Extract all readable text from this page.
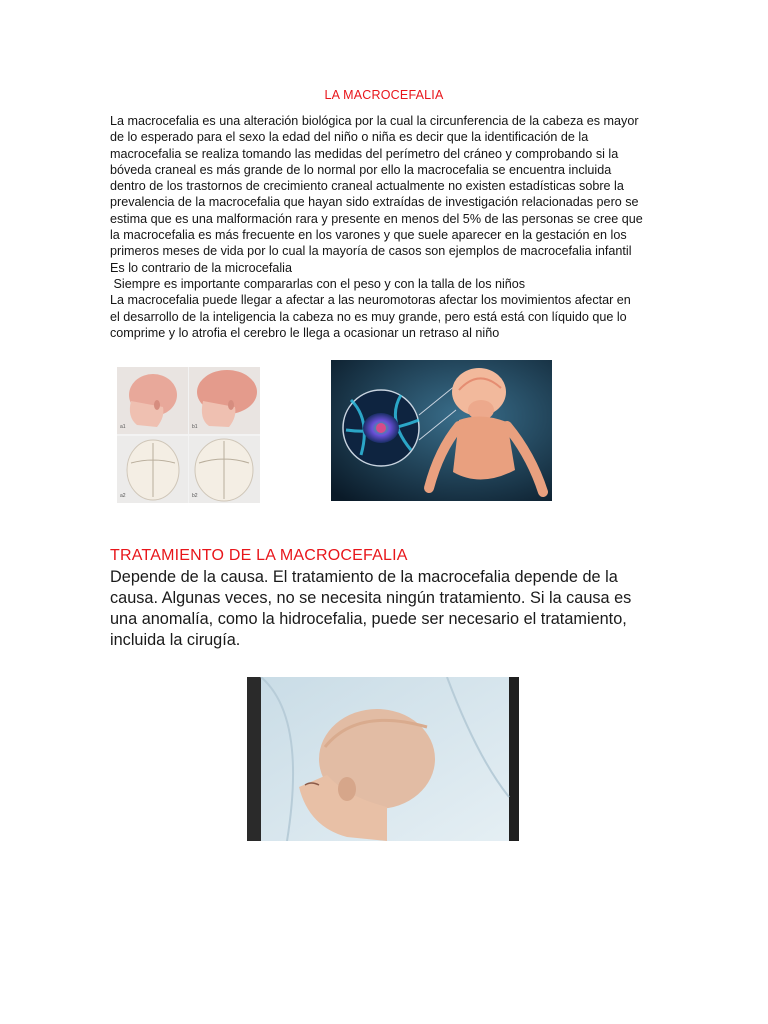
LA MACROCEFALIA

La macrocefalia es una alteración biológica por la cual la circunferencia de la cabeza es mayor

de lo esperado para el sexo la edad del niño o niña es decir que la identificación de la

macrocefalia se realiza tomando las medidas del perímetro del cráneo y comprobando si la

bóveda craneal es más grande de lo normal por ello la macrocefalia se encuentra incluida

dentro de los trastornos de crecimiento craneal actualmente no existen estadísticas sobre la

prevalencia de la macrocefalia que hayan sido extraídas de investigación relacionadas pero se

estima que es una malformación rara y presente en menos del 5% de las personas se cree que

la macrocefalia es más frecuente en los varones y que suele aparecer en la gestación en los

primeros meses de vida por lo cual la mayoría de casos son ejemplos de macrocefalia infantil

Es lo contrario de la microcefalia

Siempre es importante compararlas con el peso y con la talla de los niños

La macrocefalia puede llegar a afectar a las neuromotoras afectar los movimientos afectar en

el desarrollo de la inteligencia la cabeza no es muy grande, pero está está con líquido que lo

comprime y lo atrofia el cerebro le llega a ocasionar un retraso al niño

a1	b1
a2	b2
TRATAMIENTO DE LA MACROCEFALIA
Depende de la causa. El tratamiento de la macrocefalia depende de la
causa. Algunas veces, no se necesita ningún tratamiento. Si la causa es
una anomalía, como la hidrocefalia, puede ser necesario el tratamiento,
incluida la cirugía.
